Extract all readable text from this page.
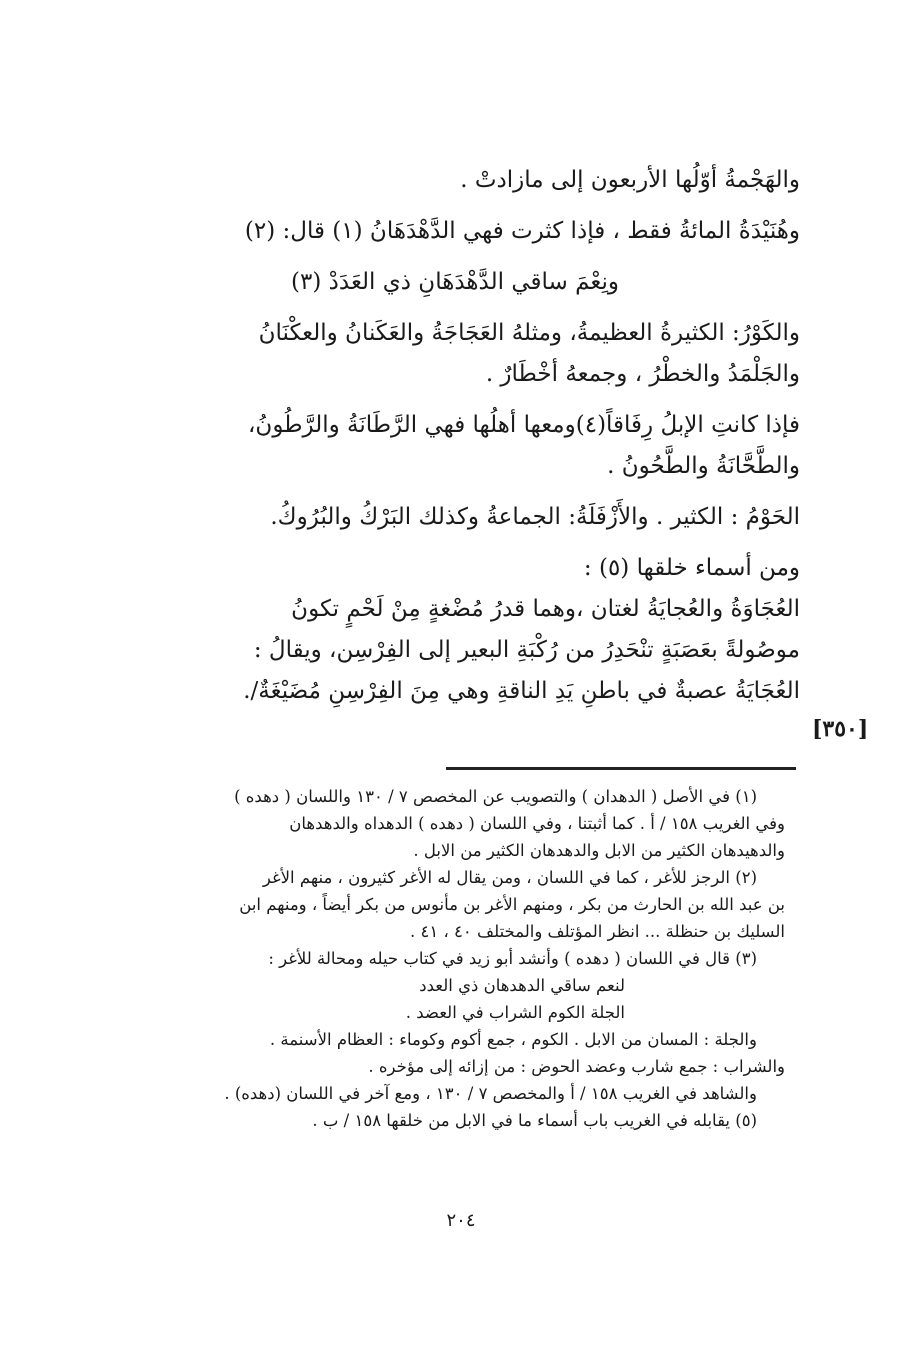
والهَجْمةُ أوّلُها الأربعون إلى مازادتْ .

وهُنَيْدَةُ المائةُ فقط ، فإذا كثرت فهي الدَّهْدَهَانُ (١) قال: (٢)

ونِعْمَ ساقي الدَّهْدَهَانِ ذي العَدَدْ (٣)

والكَوْرُ: الكثيرةُ العظيمةُ، ومثلهُ العَجَاجَةُ والعَكَنانُ والعكْنَانُ

والجَلْمَدُ والخطْرُ ، وجمعهُ أخْطَارٌ .

فإذا كانتِ الإبلُ رِفَاقاً(٤)ومعها أهلُها فهي الرَّطَانَةُ والرَّطُونُ،

والطَّحَّانَةُ والطَّحُونُ .

الحَوْمُ : الكثير . والأَزْفَلَةُ: الجماعةُ وكذلك البَرْكُ والبُرُوكُ.

ومن أسماء خلقها (٥) :

العُجَاوَةُ والعُجايَةُ لغتان ،وهما قدرُ مُضْغةٍ مِنْ لَحْمٍ تكونُ

موصُولةً بعَصَبَةٍ تنْحَدِرُ من رُكْبَةِ البعير إلى الفِرْسِن، ويقالُ :

العُجَايَةُ عصبةٌ في باطنِ يَدِ الناقةِ وهي مِنَ الفِرْسِنِ مُضَيْغَةٌ/.

[٣٥٠]

(١) في الأصل ( الدهدان ) والتصويب عن المخصص ٧ / ١٣٠ واللسان ( دهده )

وفي الغريب ١٥٨ / أ . كما أثبتنا ، وفي اللسان ( دهده ) الدهداه والدهدهان

والدهيدهان الكثير من الابل والدهدهان الكثير من الابل .

(٢) الرجز للأغر ، كما في اللسان ، ومن يقال له الأغر كثيرون ، منهم الأغر

بن عبد الله بن الحارث من بكر ، ومنهم الأغر بن مأنوس من بكر أيضاً ، ومنهم ابن

السليك بن حنظلة ... انظر المؤتلف والمختلف ٤٠ ، ٤١ .

(٣) قال في اللسان ( دهده ) وأنشد أبو زيد في كتاب حيله ومحالة للأغر :

لنعم ساقي الدهدهان ذي العدد

الجلة الكوم الشراب في العضد .

والجلة : المسان من الابل . الكوم ، جمع أكوم وكوماء : العظام الأسنمة .

والشراب : جمع شارب وعضد الحوض : من إزائه إلى مؤخره .

والشاهد في الغريب ١٥٨ / أ والمخصص ٧ / ١٣٠ ، ومع آخر في اللسان (دهده) .

(٥) يقابله في الغريب باب أسماء ما في الابل من خلقها ١٥٨ / ب .

٢٠٤
